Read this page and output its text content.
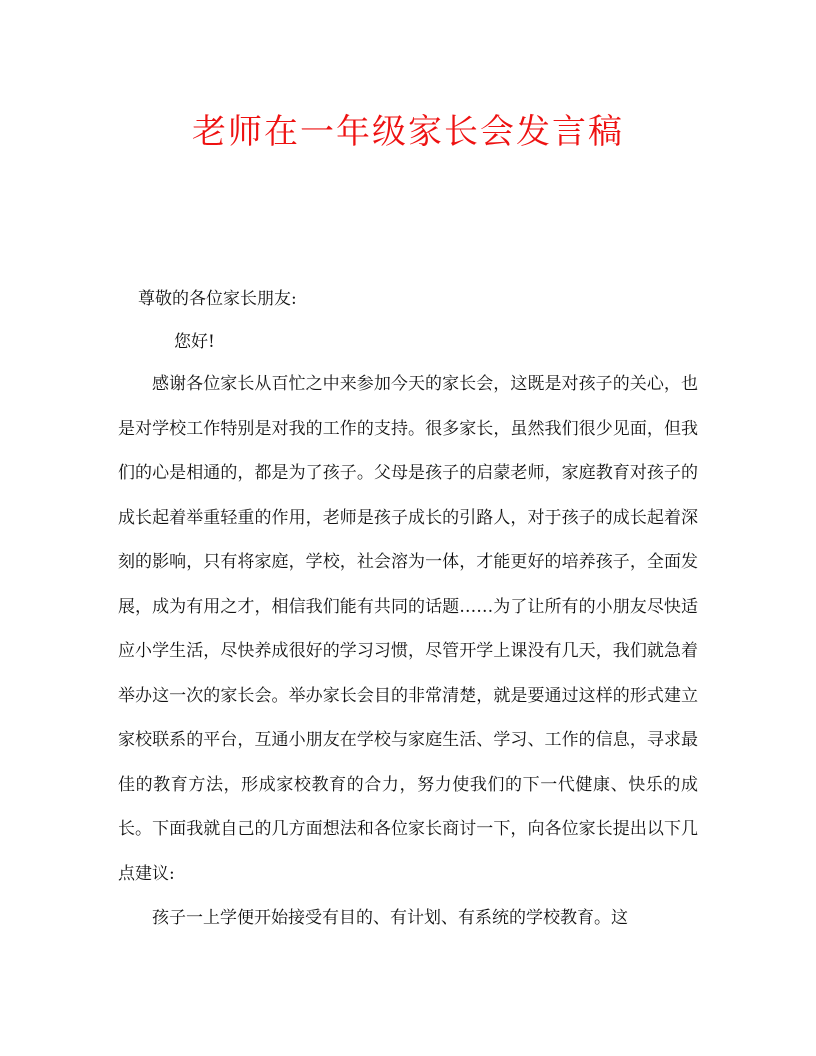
老师在一年级家长会发言稿

尊敬的各位家长朋友:

您好!

感谢各位家长从百忙之中来参加今天的家长会，这既是对孩子的关心，也是对学校工作特别是对我的工作的支持。很多家长，虽然我们很少见面，但我们的心是相通的，都是为了孩子。父母是孩子的启蒙老师，家庭教育对孩子的成长起着举重轻重的作用，老师是孩子成长的引路人，对于孩子的成长起着深刻的影响，只有将家庭，学校，社会溶为一体，才能更好的培养孩子，全面发展，成为有用之才，相信我们能有共同的话题……为了让所有的小朋友尽快适应小学生活，尽快养成很好的学习习惯，尽管开学上课没有几天，我们就急着举办这一次的家长会。举办家长会目的非常清楚，就是要通过这样的形式建立家校联系的平台，互通小朋友在学校与家庭生活、学习、工作的信息，寻求最佳的教育方法，形成家校教育的合力，努力使我们的下一代健康、快乐的成长。下面我就自己的几方面想法和各位家长商讨一下，向各位家长提出以下几点建议:

孩子一上学便开始接受有目的、有计划、有系统的学校教育。这
